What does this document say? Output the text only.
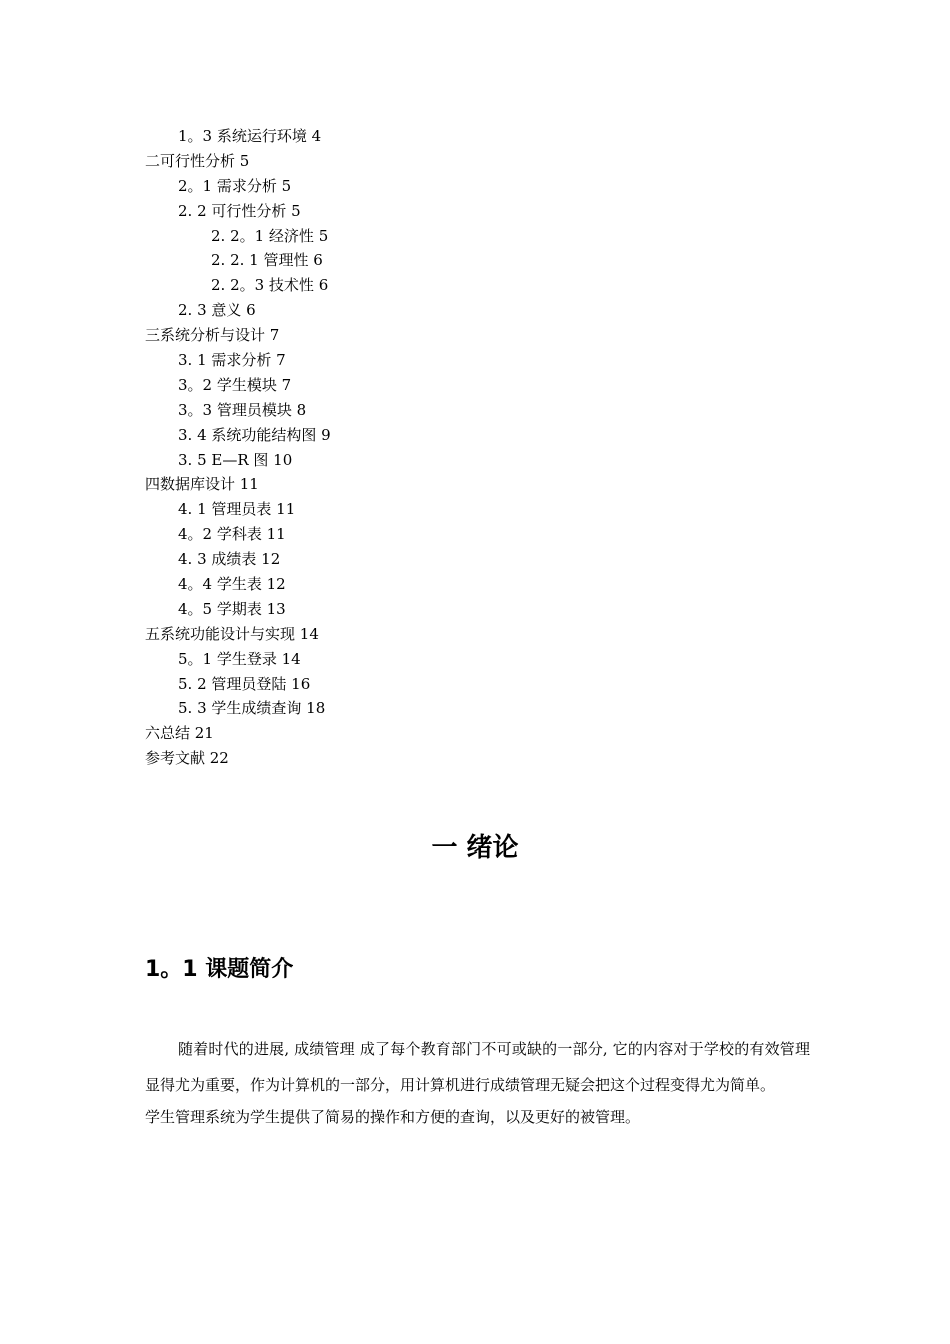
1。3 系统运行环境 4
二可行性分析 5
2。1 需求分析 5
2. 2 可行性分析 5
2. 2。1 经济性 5
2. 2. 1 管理性 6
2. 2。3 技术性 6
2. 3 意义 6
三系统分析与设计 7
3. 1 需求分析 7
3。2 学生模块 7
3。3 管理员模块 8
3. 4 系统功能结构图 9
3. 5 E—R 图 10
四数据库设计 11
4. 1 管理员表 11
4。2 学科表 11
4. 3 成绩表 12
4。4 学生表 12
4。5 学期表 13
五系统功能设计与实现 14
5。1 学生登录 14
5. 2 管理员登陆 16
5. 3 学生成绩查询 18
六总结 21
参考文献 22
一 绪论
1。1 课题简介
随着时代的进展, 成绩管理 成了每个教育部门不可或缺的一部分, 它的内容对于学校的有效管理显得尤为重要，作为计算机的一部分，用计算机进行成绩管理无疑会把这个过程变得尤为简单。
学生管理系统为学生提供了简易的操作和方便的查询，以及更好的被管理。
